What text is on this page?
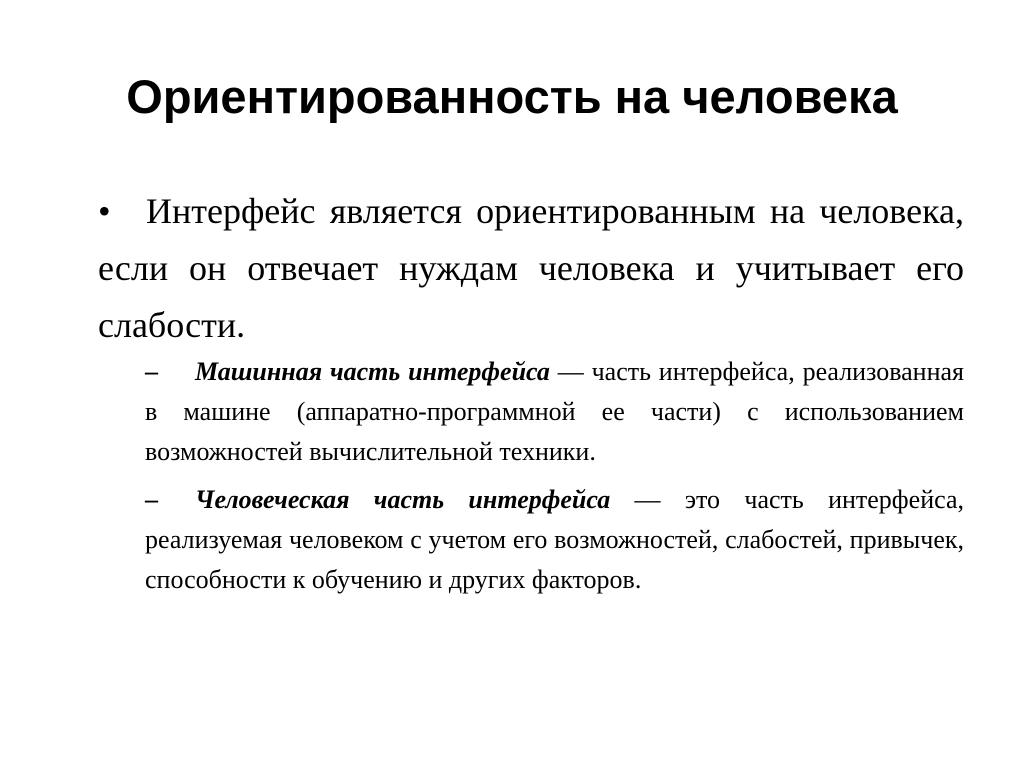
Ориентированность на человека

• Интерфейс является ориентированным на человека, если он отвечает нуждам человека и учитывает его слабости.

– Машинная часть интерфейса — часть интерфейса, реализованная в машине (аппаратно-программной ее части) с использованием возможностей вычислительной техники.

– Человеческая часть интерфейса — это часть интерфейса, реализуемая человеком с учетом его возможностей, слабостей, привычек, способности к обучению и других факторов.
